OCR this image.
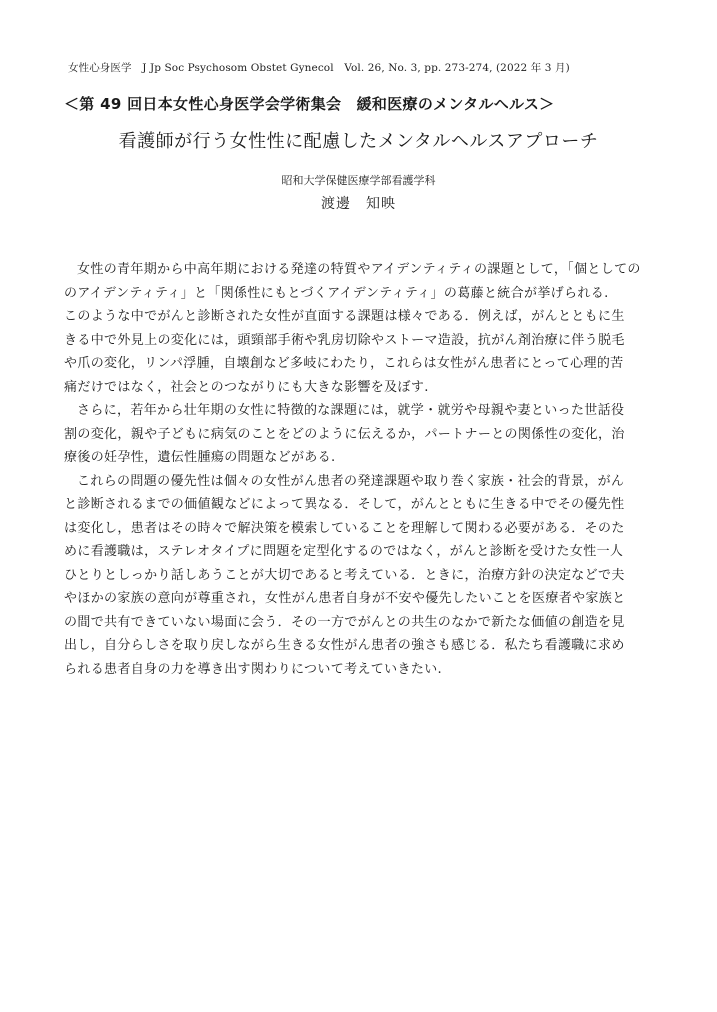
女性心身医学　J Jp Soc Psychosom Obstet Gynecol　Vol. 26, No. 3, pp. 273-274, (2022 年 3 月)
＜第 49 回日本女性心身医学会学術集会　緩和医療のメンタルヘルス＞
看護師が行う女性性に配慮したメンタルヘルスアプローチ
昭和大学保健医療学部看護学科
渡邊　知映
女性の青年期から中高年期における発達の特質やアイデンティティの課題として，「個としての
のアイデンティティ」と「関係性にもとづくアイデンティティ」の葛藤と統合が挙げられる.
このような中でがんと診断された女性が直面する課題は様々である．例えば，がんとともに生
きる中で外見上の変化には，頭頸部手術や乳房切除やストーマ造設，抗がん剤治療に伴う脱毛
や爪の変化，リンパ浮腫，自壊創など多岐にわたり，これらは女性がん患者にとって心理的苦
痛だけではなく，社会とのつながりにも大きな影響を及ぼす.
さらに，若年から壮年期の女性に特徴的な課題には，就学・就労や母親や妻といった世話役
割の変化，親や子どもに病気のことをどのように伝えるか，パートナーとの関係性の変化，治
療後の妊孕性，遺伝性腫瘍の問題などがある.
これらの問題の優先性は個々の女性がん患者の発達課題や取り巻く家族・社会的背景，がん
と診断されるまでの価値観などによって異なる．そして，がんとともに生きる中でその優先性
は変化し，患者はその時々で解決策を模索していることを理解して関わる必要がある．そのた
めに看護職は，ステレオタイプに問題を定型化するのではなく，がんと診断を受けた女性一人
ひとりとしっかり話しあうことが大切であると考えている．ときに，治療方針の決定などで夫
やほかの家族の意向が尊重され，女性がん患者自身が不安や優先したいことを医療者や家族と
の間で共有できていない場面に会う．その一方でがんとの共生のなかで新たな価値の創造を見
出し，自分らしさを取り戻しながら生きる女性がん患者の強さも感じる．私たち看護職に求め
られる患者自身の力を導き出す関わりについて考えていきたい.
